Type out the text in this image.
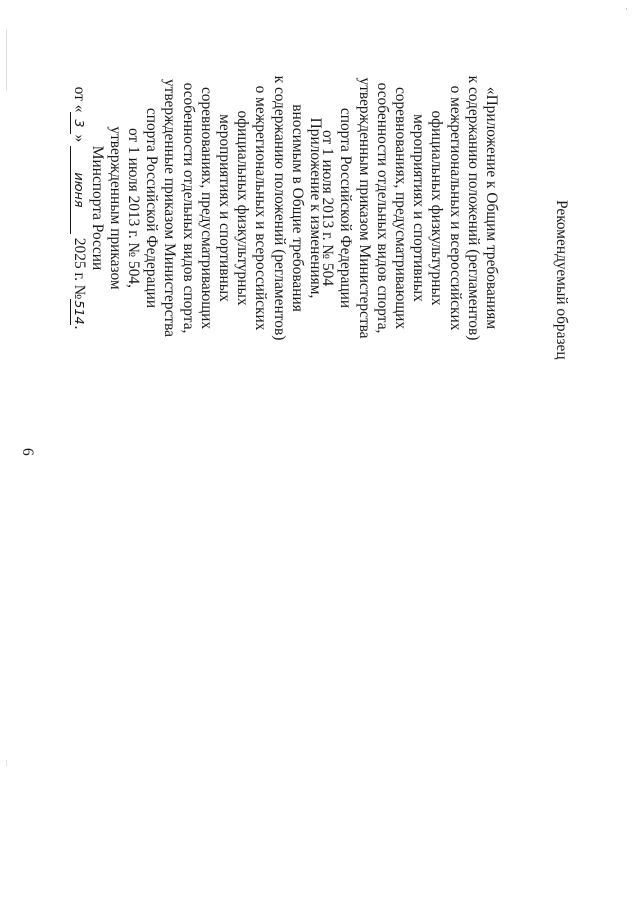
6
Приложение к изменениям,
вносимым в Общие требования
к содержанию положений (регламентов)
о межрегиональных и всероссийских
официальных физкультурных
мероприятиях и спортивных
соревнованиях, предусматривающих
особенности отдельных видов спорта,
утвержденные приказом Министерства
спорта Российской Федерации
от 1 июля 2013 г. № 504,
утвержденным приказом
Минспорта России
от «3» июня 2025 г. №514.	«Приложение к Общим требованиям
к содержанию положений (регламентов)
о межрегиональных и всероссийских
официальных физкультурных
мероприятиях и спортивных
соревнованиях, предусматривающих
особенности отдельных видов спорта,
утвержденным приказом Министерства
спорта Российской Федерации
от 1 июля 2013 г. № 504	Рекомендуемый образец
